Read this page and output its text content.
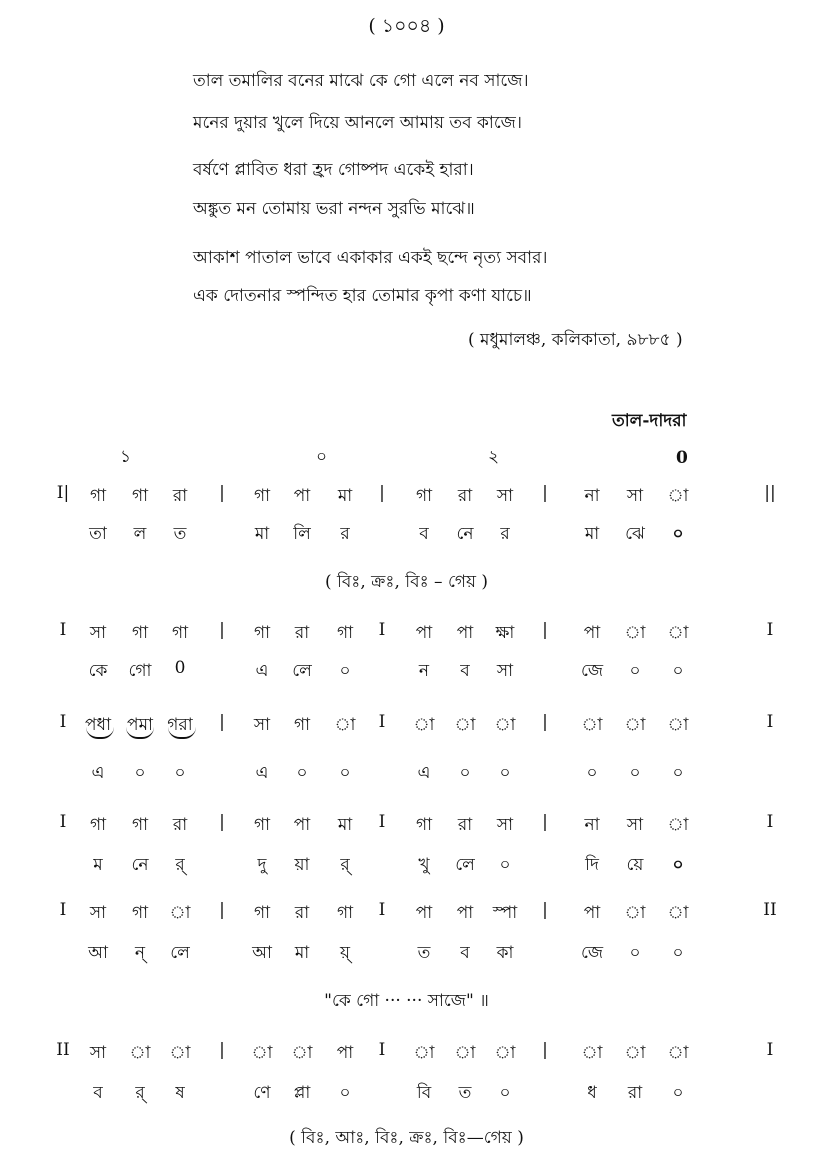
( ১০০৪ )
তাল তমালির বনের মাঝে কে গো এলে নব সাজে।
মনের দুয়ার খুলে দিয়ে আনলে আমায় তব কাজে।
বর্ষণে প্লাবিত ধরা হ্রদ গোষ্পদ একেই হারা।
অঙ্কুত মন তোমায় ভরা নন্দন সুরভি মাঝে॥
আকাশ পাতাল ভাবে একাকার একই ছন্দে নৃত্য সবার।
এক দোতনার স্পন্দিত হার তোমার কৃপা কণা যাচে॥
( মধুমালঞ্চ, কলিকাতা, ৯৮৮৫ )
তাল-দাদরা
১	০	২	0
I| গা গা রা | গা পা মা | গা রা সা | না সা া	||
তা ল ত	মা লি র	ব নে র	মা ঝে ০
I সা গা গা | গা রা গা I পা পা ক্ষা | পা া া	I
কে গো 0	এ লে ০	ন ব সা	জে ০ ০
I পধা পমা গরা | সা গা া I া া া | া া া	I
এ ০ ০	এ ০ ০	এ ০ ০	০ ০ ০
I গা গা রা | গা পা মা I গা রা সা | না সা া	I
ম নে র্	দু য়া র্	খু লে ০	দি য়ে ০
I সা গা া | গা রা গা I পা পা স্পা | পা া া	II
আ ন্ লে	আ মা য়্	ত ব কা	জে ০ ০
II সা া া | া া পা I া া া | া া া	I
ব র্ ষ	ণে প্লা ০	বি ত ০	ধ রা ০
( বিঃ, ক্রঃ, বিঃ – গেয় )
"কে গো ··· ··· সাজে" ॥
( বিঃ, আঃ, বিঃ, ক্রঃ, বিঃ—গেয় )
